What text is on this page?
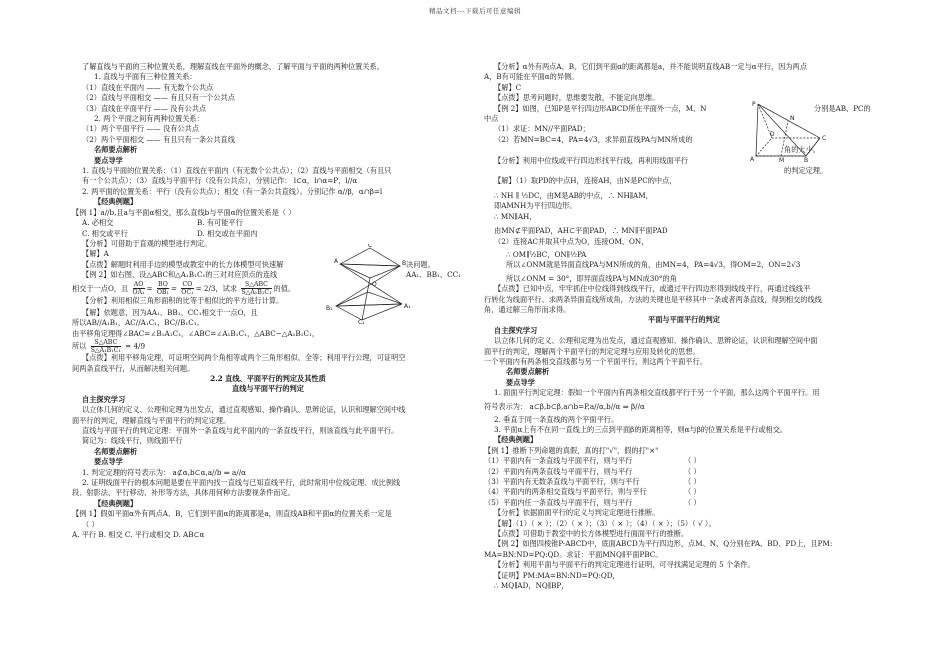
精品文档---下载后可任意编辑
了解直线与平面的三种位置关系，理解直线在平面外的概念，了解平面与平面的两种位置关系。
1. 直线与平面有三种位置关系：
（1）直线在平面内 —— 有无数个公共点
（2）直线与平面相交 —— 有且只有一个公共点
（3）直线在平面平行 —— 没有公共点
2. 两个平面之间有两种位置关系：
（1）两个平面平行 —— 没有公共点
（2）两个平面相交 —— 有且只有一条公共直线
名师要点解析
要点导学
1. 直线与平面的位置关系：（1）直线在平面内（有无数个公共点）；（2）直线与平面相交（有且只
有一个公共点）；（3）直线与平面平行（没有公共点），分别记作： l⊂α，l∩α=P，l//α
2. 两平面的位置关系：平行（没有公共点）；相交（有一条公共直线）。分别记作 α//β，α∩β=l
【经典例题】
【例 1】a//b,且a与平面α相交，那么直线b与平面α的位置关系是（ ）
A. 必相交	B. 有可能平行
C. 相交或平行	D. 相交或在平面内
【分析】可借助于直观的模型进行判定。
【解】A
【点拨】解题时利用手边的模型或教室中的长方体模型可快速解	决问题。
【例 2】如右图，设△ABC和△A₁B₁C₁的三对对应顶点的连线	AA₁、BB₁、CC₁
相交于一点O，且 $\frac{AO}{\text{OA₁}} = \frac{BO}{\text{OB₁}} = \frac{CO}{\text{OC₁}} = 2/3$，试求 $\frac{\text{S△ABC}}{\text{S△A₁B₁C₁}}$ 的值。
【分析】利用相似三角形面积的比等于相似比的平方进行计算。
【解】依题意，因为AA₁、BB₁、CC₁相交于一点O，且
所以AB//A₁B₁，AC//A₁C₁，BC//B₁C₁。
由平移角定理得∠BAC=∠B₁A₁C₁，∠ABC=∠A₁B₁C₁，△ABC∽△A₁B₁C₁，
所以 $\frac{\text{S△ABC}}{\text{S△A₁B₁C₁}} = 4/9$
【点拨】利用平移角定理，可证明空间两个角相等或两个三角形相似、全等；利用平行公理，可证明空
间两条直线平行，从而解决相关问题。
2.2 直线、平面平行的判定及其性质
直线与平面平行的判定
自主探究学习
以立体几何的定义、公理和定理为出发点，通过直观感知、操作确认、思辨论证，认识和理解空间中线
面平行的判定，理解直线与平面平行的判定定理。
直线与平面平行的判定定理：平面外一条直线与此平面内的一条直线平行，则该直线与此平面平行。
简记为：线线平行，则线面平行
名师要点解析
要点导学
1. 判定定理的符号表示为： a⊄α,b⊂α,a//b ⇒ a//α
2. 证明线面平行的根本问题是要在平面内找一直线与已知直线平行，此时常用中位线定理、成比例线
段、射影法、平行移动、补形等方法，具体用何种方法要视条件而定。
【经典例题】
【例 1】假如平面α外有两点A、B，它们到平面α的距离都是a，则直线AB和平面α的位置关系一定是
（ ）
A. 平行 B. 相交 C. 平行或相交 D. AB⊂α
A	B
C
O
A₁
B₁
C₁
【分析】α外有两点A、B，它们到平面α的距离都是a，并不能说明直线AB一定与α平行，因为两点
A，B有可能在平面α的异侧。
【解】C
【点拨】思考问题时，思维要发散，不能定向思维。
【例 2】如图，已知P是平行四边形ABCD所在平面外一点，M、N	分别是AB、PC的
中点
（1）求证：MN//平面PAD；
（2）若MN=BC=4，PA=4√3，求异面直线PA与MN所成的
角的大小。
【分析】利用中位线或平行四边形找平行线，再利用线面平行
的判定定理。
【解】（1）取PD的中点H，连接AH，由N是PC的中点，
∴ NH ∥ ½DC，由M是AB的中点，∴ NH∥AM，
即AMNH为平行四边形。
∴ MN∥AH，
由MN⊄平面PAD，AH⊂平面PAD，∴ MN∥平面PAD
（2）连接AC并取其中点为O，连接OM、ON，
∴ OM∥½BC，ON∥½PA
所以∠ONM就是异面直线PA与MN所成的角，由MN=4，PA=4√3，得OM=2，ON=2√3
所以∠ONM = 30°，即异面直线PA与MN成30°的角
【点拨】已知中点，牢牢抓住中位线得到线线平行，或通过平行四边形得到线线平行，再通过线线平
行转化为线面平行。求两条异面直线所成角，方法的关键也是平移其中一条或者两条直线，得到相交的线线
角，通过解三角形而求得。
平面与平面平行的判定
自主探究学习
以立体几何的定义、公理和定理为出发点，通过直观感知、操作确认、思辨论证，认识和理解空间中面
面平行的判定，理解两个平面平行的判定定理与应用及转化的思想。
一个平面内有两条相交直线都与另一个平面平行，则这两个平面平行。
名师要点解析
要点导学
1. 面面平行判定定理：假如一个平面内有两条相交直线都平行于另一个平面，那么这两个平面平行。用
符号表示为： a⊂β,b⊂β,a∩b=P,a//α,b//α ⇒ β//α
2. 垂直于同一条直线的两个平面平行。
3. 平面α上有不在同一直线上的三点到平面β的距离相等，则α与β的位置关系是平行或相交。
【经典例题】
【例 1】推断下列命题的真假，真的打"√"，假的打"×"
（1）平面内有一条直线与平面平行，则与平行	（ ）
（2）平面内有两条直线与平面平行，则与平行	（ ）
（3）平面内有无数条直线与平面平行，则与平行	（ ）
（4）平面内的两条相交直线与平面平行，则与平行	（ ）
（5）平面内任一条直线与平面平行，则与平行	（ ）
【分析】依据面面平行的定义与判定定理进行推断。
【解】（1）（ × ）；（2）（ × ）；（3）（ × ）；（4）（ × ）；（5）（ √ ）。
【点拨】可借助于教室中的长方体模型进行面面平行的推断。
【例 2】如图四棱锥P-ABCD中，底面ABCD为平行四边形，点M、N、Q分别在PA、BD、PD上，且PM:
MA=BN:ND=PQ:QD。求证：平面MNQ∥平面PBC。
【分析】利用平面与平面平行的判定定理进行证明，可寻找满足定理的 5 个条件。
【证明】PM:MA=BN:ND=PQ:QD，
∴ MQ∥AD，NQ∥BP，
P
N
A	B
C
D
M
